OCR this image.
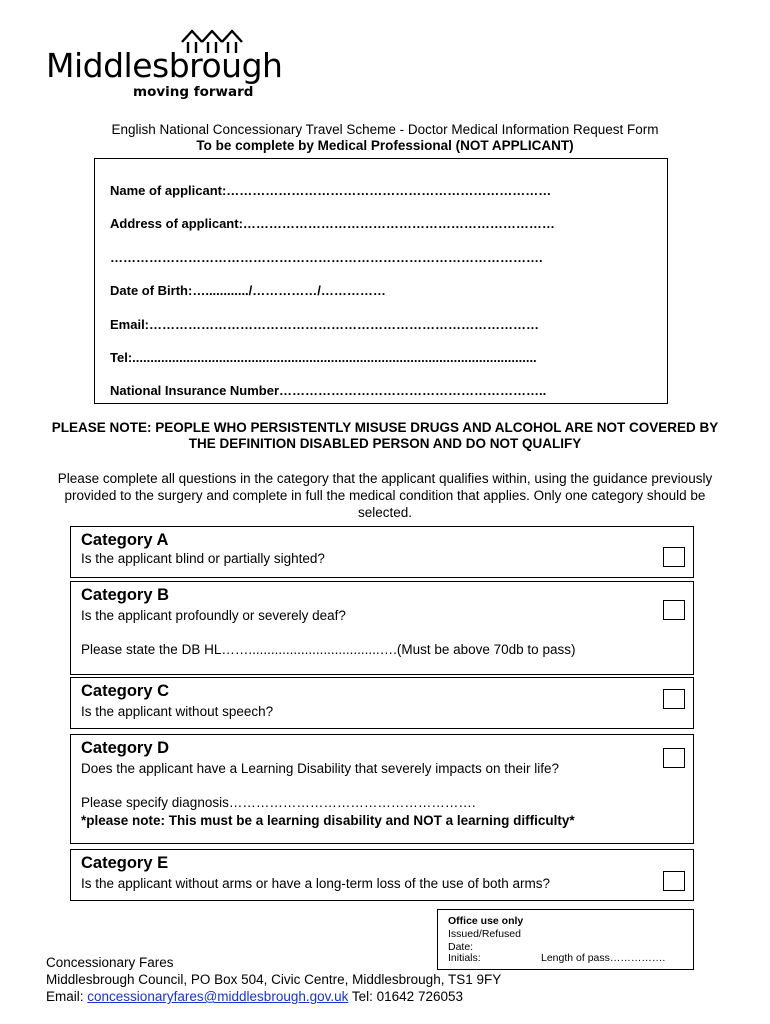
Middlesbrough
moving forward
English National Concessionary Travel Scheme - Doctor Medical Information Request Form
To be complete by Medical Professional (NOT APPLICANT)
Name of applicant:…………………………………………………………………
Address of applicant:………………………………………………………………
……………………………………………………………………………………….
Date of Birth:…............/……………/……………
Email:………………………………………………………………………………
Tel:................................................................................................................
National Insurance Number……………………………………………………..
PLEASE NOTE: PEOPLE WHO PERSISTENTLY MISUSE DRUGS AND ALCOHOL ARE NOT COVERED BY THE DEFINITION DISABLED PERSON AND DO NOT QUALIFY
Please complete all questions in the category that the applicant qualifies within, using the guidance previously provided to the surgery and complete in full the medical condition that applies. Only one category should be selected.
Category A
Is the applicant blind or partially sighted?
Category B
Is the applicant profoundly or severely deaf?
Please state the DB HL……...................................….(Must be above 70db to pass)
Category C
Is the applicant without speech?
Category D
Does the applicant have a Learning Disability that severely impacts on their life?
Please specify diagnosis……………………………………………….
*please note: This must be a learning disability and NOT a learning difficulty*
Category E
Is the applicant without arms or have a long-term loss of the use of both arms?
Office use only
Issued/Refused
Date:
Initials:	Length of pass…………….
Concessionary Fares
Middlesbrough Council, PO Box 504, Civic Centre, Middlesbrough, TS1 9FY
Email: concessionaryfares@middlesbrough.gov.uk Tel: 01642 726053
